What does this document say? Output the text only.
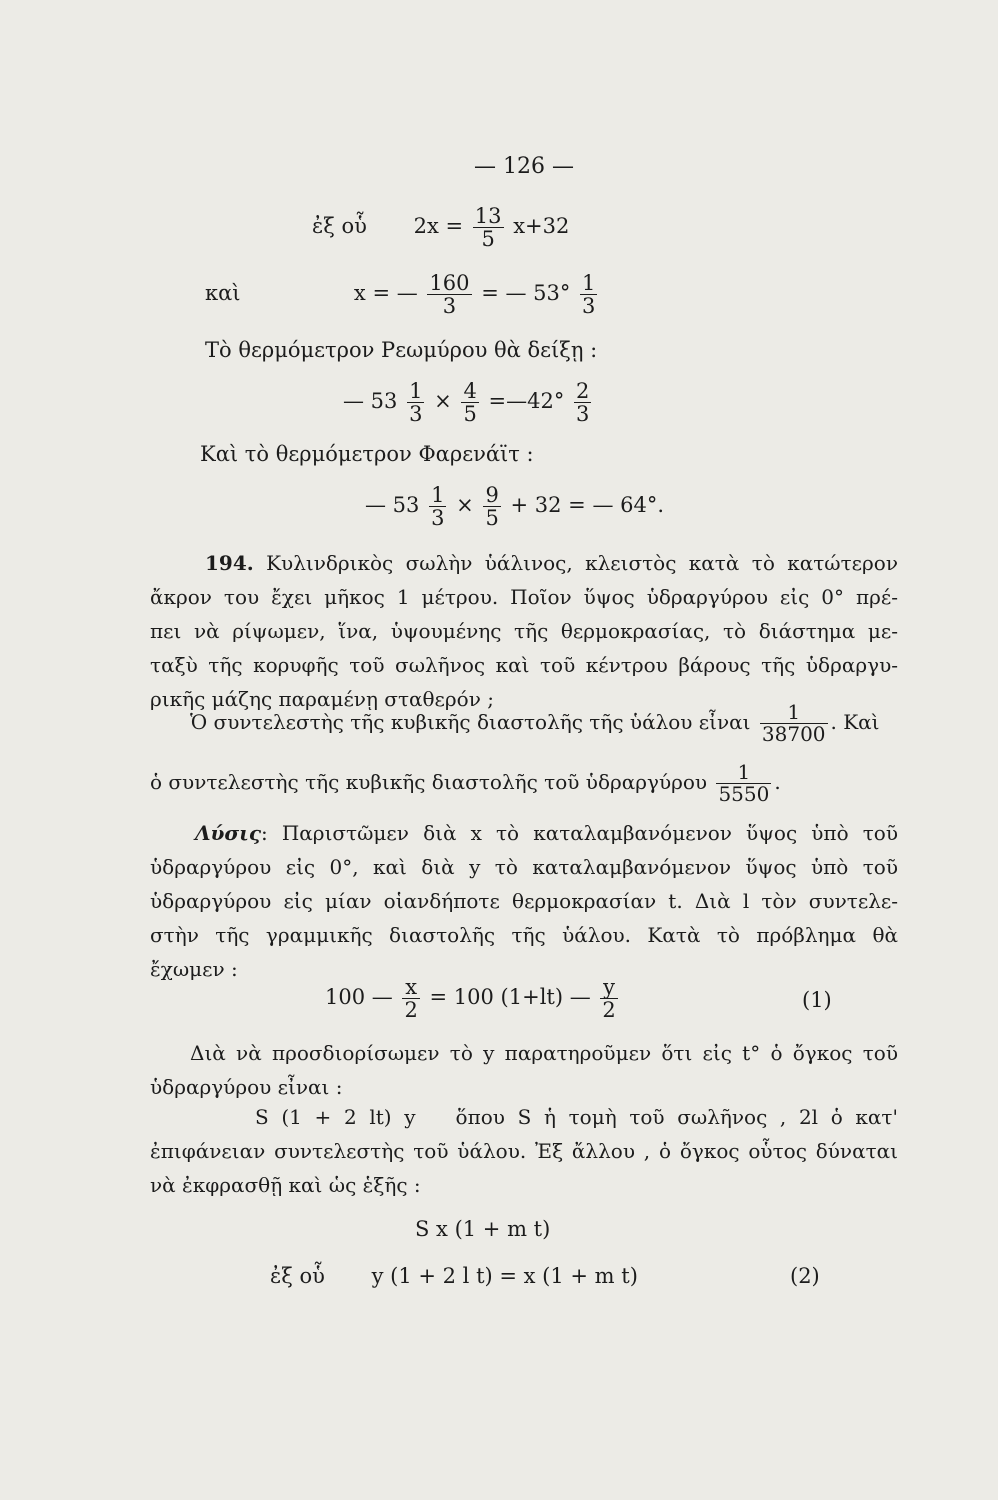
— 126 —
ἐξ οὗ $2x = \frac{13}{5} x+32$
καὶ	x = — $\frac{160}{3}$ = — $53^\circ \frac{1}{3}$
Τὸ θερμόμετρον Ρεωμύρου θὰ δείξῃ :
— $53 \frac{1}{3} \times \frac{4}{5}$ =—42° $\frac{2}{3}$
Καὶ τὸ θερμόμετρον Φαρενάϊτ :
— $53 \frac{1}{3} \times \frac{9}{5} + 32$ = — 64°.
194. Κυλινδρικὸς σωλὴν ὑάλινος, κλειστὸς κατὰ τὸ κατώτερον
ἄκρον του ἔχει μῆκος 1 μέτρου. Ποῖον ὕψος ὑδραργύρου εἰς 0° πρέ-
πει νὰ ρίψωμεν, ἵνα, ὑψουμένης τῆς θερμοκρασίας, τὸ διάστημα με-
ταξὺ τῆς κορυφῆς τοῦ σωλῆνος καὶ τοῦ κέντρου βάρους τῆς ὑδραργυ-
ρικῆς μάζης παραμένῃ σταθερόν ;
Ὁ συντελεστὴς τῆς κυβικῆς διαστολῆς τῆς ὑάλου εἶναι $\frac{1}{38700}$ . Καὶ
ὁ συντελεστὴς τῆς κυβικῆς διαστολῆς τοῦ ὑδραργύρου $\frac{1}{5550}$ .
Λύσις: Παριστῶμεν διὰ x τὸ καταλαμβανόμενον ὕψος ὑπὸ τοῦ
ὑδραργύρου εἰς 0°, καὶ διὰ y τὸ καταλαμβανόμενον ὕψος ὑπὸ τοῦ
ὑδραργύρου εἰς μίαν οἱανδήποτε θερμοκρασίαν t. Διὰ l τὸν συντελε-
στὴν τῆς γραμμικῆς διαστολῆς τῆς ὑάλου. Κατὰ τὸ πρόβλημα θὰ
ἔχωμεν :
100 — $\frac{x}{2} = 100$ (1+lt) — $\frac{y}{2}$	(1)
Διὰ νὰ προσδιορίσωμεν τὸ y παρατηροῦμεν ὅτι εἰς t° ὁ ὄγκος τοῦ
ὑδραργύρου εἶναι :
S (1 + 2 lt) y ὅπου S ἡ τομὴ τοῦ σωλῆνος , 2l ὁ κατ'
ἐπιφάνειαν συντελεστὴς τοῦ ὑάλου. Ἐξ ἄλλου , ὁ ὄγκος οὗτος δύναται
νὰ ἐκφρασθῇ καὶ ὡς ἑξῆς :
S x (1 + m t)
ἐξ οὗ y (1 + 2 l t) = x (1 + m t)	(2)
